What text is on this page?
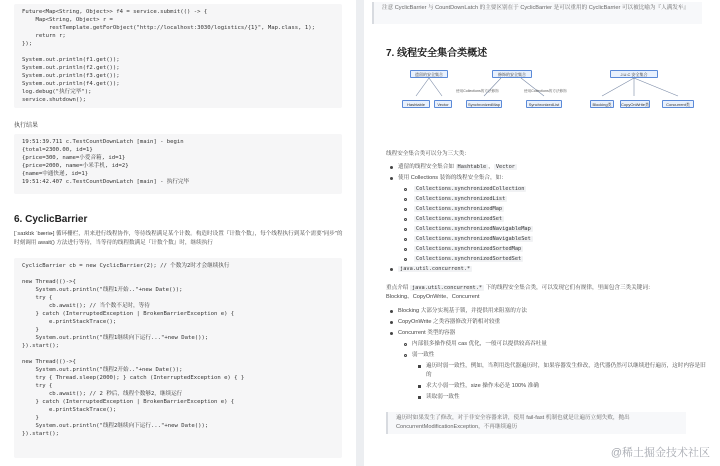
Future<Map<String, Object>> f4 = service.submit(() -> {
Map<String, Object> r =
restTemplate.getForObject("http://localhost:3030/logistics/{1}", Map.class, 1);
return r;
});

System.out.println(f1.get());
System.out.println(f2.get());
System.out.println(f3.get());
System.out.println(f4.get());
log.debug("执行完毕");
service.shutdown();
执行结果
19:51:39.711 c.TestCountDownLatch [main] - begin
{total=2300.00, id=1}
{price=300, name=小爱音箱, id=1}
{price=2000, name=小米手机, id=2}
{name=中通快递, id=1}
19:51:42.407 c.TestCountDownLatch [main] - 执行完毕
6. CyclicBarrier
[ˈsaɪklɪk ˈbæriɚ] 循环栅栏，用来进行线程协作，等待线程满足某个计数。构造时设置『计数个数』，每个线程执行到某个需要"同步"的时刻调用 await() 方法进行等待，当等待的线程数满足『计数个数』时，继续执行
CyclicBarrier cb = new CyclicBarrier(2); // 个数为2时才会继续执行

new Thread(()->{
System.out.println("线程1开始.."+new Date());
try {
cb.await(); // 当个数不足时，等待
} catch (InterruptedException | BrokenBarrierException e) {
e.printStackTrace();
}
System.out.println("线程1继续向下运行..."+new Date());
}).start();

new Thread(()->{
System.out.println("线程2开始.."+new Date());
try { Thread.sleep(2000); } catch (InterruptedException e) { }
try {
cb.await(); // 2 秒后，线程个数够2，继续运行
} catch (InterruptedException | BrokenBarrierException e) {
e.printStackTrace();
}
System.out.println("线程2继续向下运行..."+new Date());
}).start();
注意 CyclicBarrier 与 CountDownLatch 的主要区别在于 CyclicBarrier 是可以重用的 CyclicBarrier 可以被比喻为『人满发车』
7. 线程安全集合类概述
线程安全集合类可以分为三大类：
遗留的线程安全集合如 Hashtable ， Vector
使用 Collections 装饰的线程安全集合，如：
Collections.synchronizedCollection
Collections.synchronizedList
Collections.synchronizedMap
Collections.synchronizedSet
Collections.synchronizedNavigableMap
Collections.synchronizedNavigableSet
Collections.synchronizedSortedMap
Collections.synchronizedSortedSet
java.util.concurrent.*
重点介绍 java.util.concurrent.* 下的线程安全集合类，可以发现它们有规律，里面包含三类关键词：
Blocking、CopyOnWrite、Concurrent
Blocking 大部分实现基于锁，并提供用来阻塞的方法
CopyOnWrite 之类容器修改开销相对较重
Concurrent 类型的容器
内部很多操作使用 cas 优化，一般可以提供较高吞吐量
弱一致性
遍历时弱一致性，例如，当利用迭代器遍历时，如果容器发生修改，迭代器仍然可以继续进行遍历，这时内容是旧的
求大小弱一致性，size 操作未必是 100% 准确
读取弱一致性
遍历时如果发生了修改，对于非安全容器来讲，使用 fail-fast 机制也就是让遍历立刻失败，抛出 ConcurrentModificationException，不再继续遍历
遗留的安全集合	修饰的安全集合	J.U.C 安全集合
Hashtable	Vector
使用Collections的方法修饰	使用Collections的方法修饰
SynchronizedMap	SynchronizedList	Blocking类	CopyOnWrite类	Concurrent类
@稀土掘金技术社区
